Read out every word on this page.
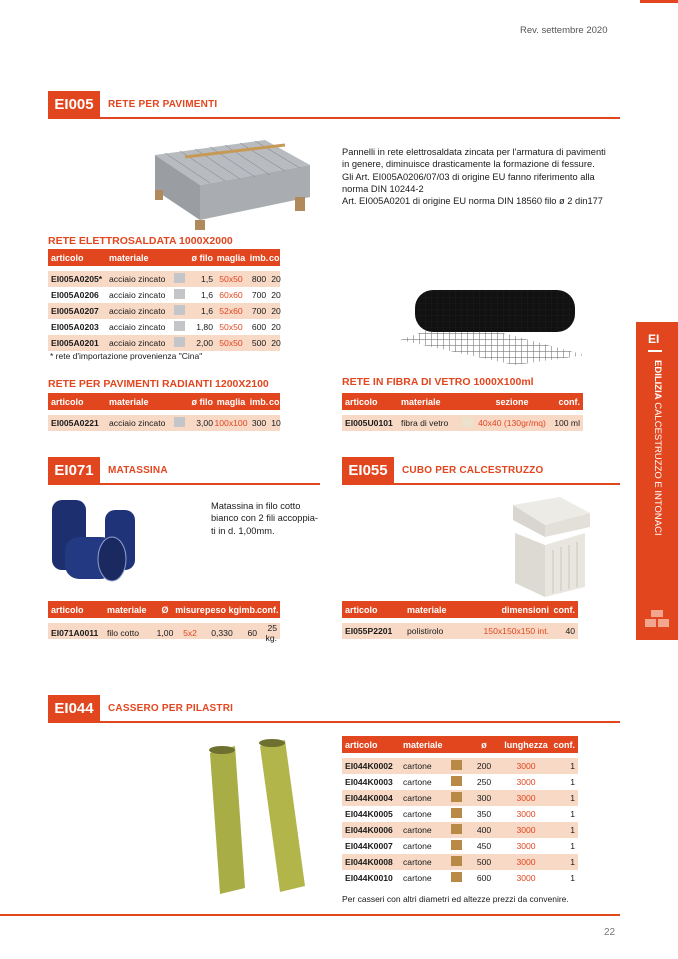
Rev. settembre 2020
EI005	RETE PER PAVIMENTI
Pannelli in rete elettrosaldata zincata per l'armatura di pavimenti
in genere, diminuisce drasticamente la formazione di fessure.
Gli Art. EI005A0206/07/03 di origine EU fanno riferimento alla
norma DIN 10244-2
Art. EI005A0201 di origine EU norma DIN 18560 filo ø 2 din177
RETE ELETTROSALDATA 1000X2000
articolo	materiale	ø filo maglia imb. conf.
EI005A0205* acciaio zincato	1,5 50x50	800 20
EI005A0206	acciaio zincato	1,6 60x60	700 20
EI005A0207	acciaio zincato	1,6 52x60	700 20
EI005A0203	acciaio zincato	1,80 50x50	600 20
EI005A0201	acciaio zincato	2,00 50x50	500 20
* rete d'importazione provenienza "Cina"
RETE PER PAVIMENTI RADIANTI 1200X2100
articolo	materiale	ø filo maglia imb. conf.
EI005A0221	acciaio zincato	3,00 100x100 300 10
RETE IN FIBRA DI VETRO 1000X100ml
articolo	materiale	sezione	conf.
EI005U0101 fibra di vetro	40x40 (130gr/mq) 100 ml
EI071	MATASSINA
Matassina in filo cotto
bianco con 2 fili accoppia-
ti in d. 1,00mm.
articolo	materiale	Ø misure peso kg imb. conf.
EI071A0011	filo cotto	1,00	5x2	0,330	60	25 kg.
EI055	CUBO PER CALCESTRUZZO
articolo	materiale	dimensioni conf.
EI055P2201	polistirolo	150x150x150 int.	40
EI044	CASSERO PER PILASTRI
articolo	materiale	ø	lunghezza conf.
EI044K0002	cartone	200	3000	1
EI044K0003	cartone	250	3000	1
EI044K0004	cartone	300	3000	1
EI044K0005	cartone	350	3000	1
EI044K0006	cartone	400	3000	1
EI044K0007	cartone	450	3000	1
EI044K0008	cartone	500	3000	1
EI044K0010	cartone	600	3000	1
Per casseri con altri diametri ed altezze prezzi da convenire.
22
EI
EDILIZIA CALCESTRUZZO E INTONACI
